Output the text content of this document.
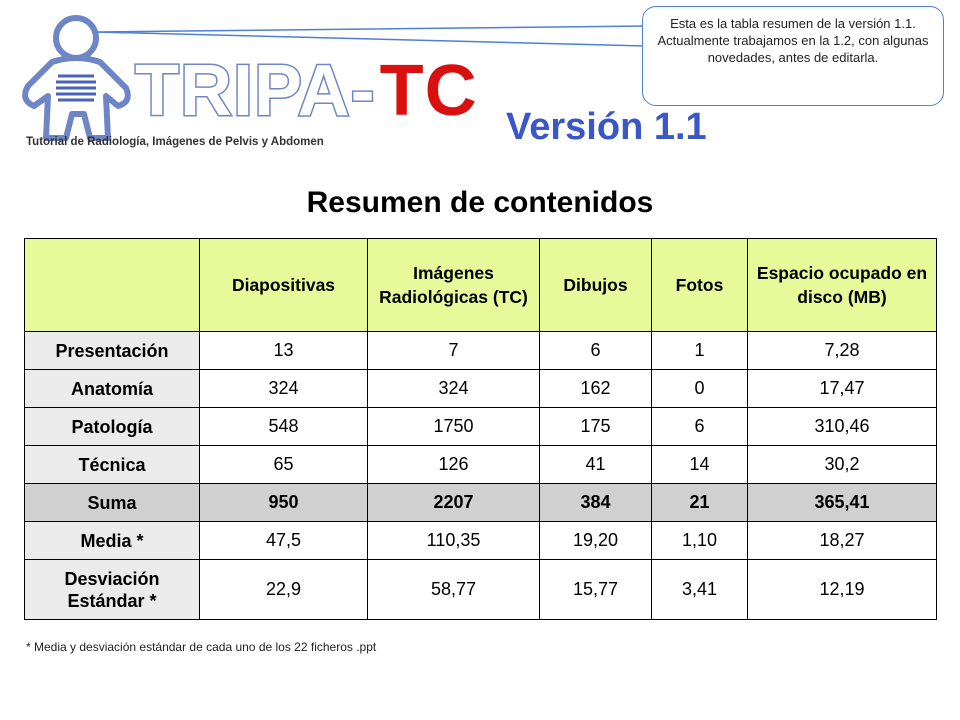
TRIPA-TC
Tutorial de Radiología, Imágenes de Pelvis y Abdomen	Versión 1.1
Esta es la tabla resumen de la versión 1.1. Actualmente trabajamos en la 1.2, con algunas novedades, antes de editarla.
Resumen de contenidos
	Diapositivas	Imágenes Radiológicas (TC)	Dibujos	Fotos	Espacio ocupado en disco (MB)
Presentación	13	7	6	1	7,28
Anatomía	324	324	162	0	17,47
Patología	548	1750	175	6	310,46
Técnica	65	126	41	14	30,2
Suma	950	2207	384	21	365,41
Media *	47,5	110,35	19,20	1,10	18,27
Desviación Estándar *	22,9	58,77	15,77	3,41	12,19
* Media y desviación estándar de cada uno de los 22 ficheros .ppt
